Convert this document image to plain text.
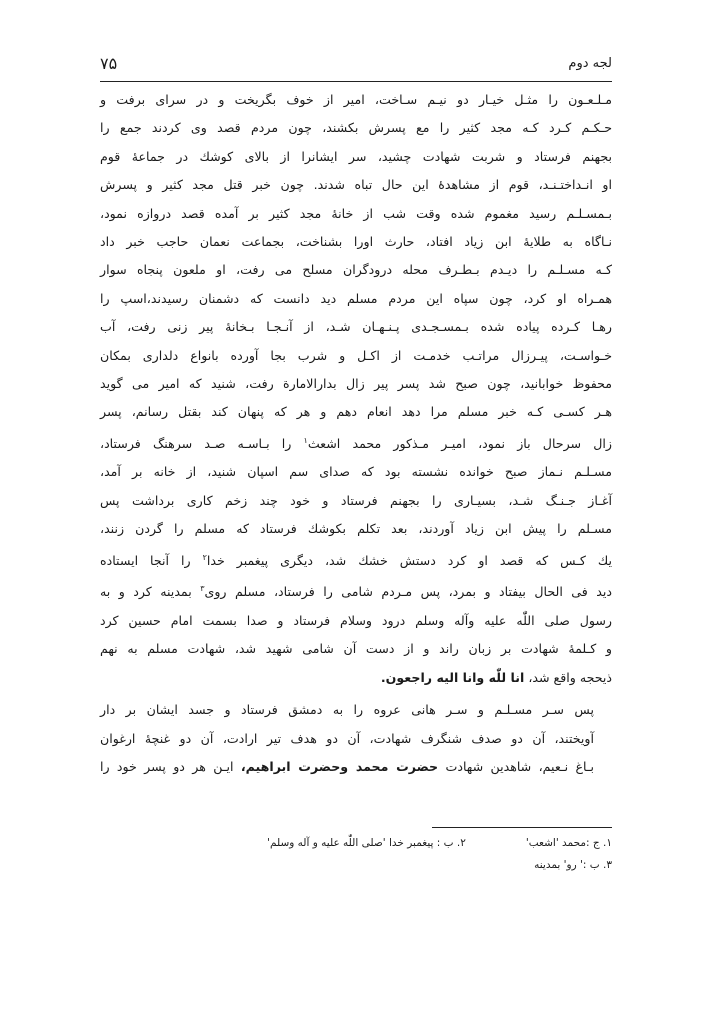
۷۵	لجه دوم

مـلـعـون را مثـل خيـار دو نيـم سـاخت، امير از خوف بگريخت و در سراى برفت و
حـكـم كـرد كـه مجد كثير را مع پسرش بكشند، چون مردم قصد وى كردند جمع را
بجهنم فرستاد و شربت شهادت چشيد، سر ايشانرا از بالاى كوشك در جماعۀ قوم
او انـداختـنـد، قوم از مشاهدۀ اين حال تباه شدند. چون خبر قتل مجد كثير و پسرش
بـمسـلـم رسيد مغموم شده وقت شب از خانۀ مجد كثير بر آمده قصد دروازه نمود،
نـاگاه به طلايۀ ابن زياد افتاد، حارث اورا بشناخت، بجماعت نعمان حاجب خبر داد
كـه مسـلـم را ديـدم بـطـرف محله درودگران مسلح مى رفت، او ملعون پنجاه سوار
همـراه او كرد، چون سپاه اين مردم مسلم ديد دانست كه دشمنان رسيدند،اسپ را
رهـا كـرده پياده شده بـمسـجـدى پـنـهـان شـد، از آنـجـا بـخانۀ پير زنى رفت، آب
خـواسـت، پيـرزال مراتـب خدمـت از اكـل و شرب بجا آورده بانواع دلدارى بمكان
محفوظ خوابانيد، چون صبح شد پسر پير زال بدارالامارة رفت، شنيد كه امير مى گويد
هـر كسـى كـه خبر مسلم مرا دهد انعام دهم و هر كه پنهان كند بقتل رسانم، پسر
زال سرحال باز نمود، اميـر مـذكور محمد اشعث$^١$ را بـاسـه صـد سرهنگ فرستاد،
مسـلـم نـماز صبح خوانده نشسته بود كه صداى سم اسپان شنيد، از خانه بر آمد،
آغـاز جـنـگ شـد، بسيـارى را بجهنم فرستاد و خود چند زخم كارى برداشت پس
مسـلم را پيش ابن زياد آوردند، بعد تكلم بكوشك فرستاد كه مسلم را گردن زنند،
يك كـس كه قصد او كرد دستش خشك شد، ديگرى پيغمبر خدا$^٢$ را آنجا ايستاده
ديد فى الحال بيفتاد و بمرد، پس مـردم شامى را فرستاد، مسلم روى$^٣$ بمدينه كرد و به
رسول صلى اللّٰه عليه وآله وسلم درود وسلام فرستاد و صدا بسمت امام حسين كرد
و كـلمۀ شهادت بر زبان راند و از دست آن شامى شهيد شد، شهادت مسلم به نهم
ذيحجه واقع شد، انا للّٰه وانا اليه راجعون.

پس سـر مسـلـم و سـر هانى عروه را به دمشق فرستاد و جسد ايشان بر دار
آويختند، آن دو صدف شنگرف شهادت، آن دو هدف تير ارادت، آن دو غنچۀ ارغوان
بـاغ نـعيم، شاهدين شهادت حضرت محمد وحضرت ابراهيم، ايـن هر دو پسر خود را

١. ج :محمد 'اشعب'
٢. ب : پيغمبر خدا 'صلى اللّٰه عليه و آله وسلم'
٣. ب :' رو' بمدينه
